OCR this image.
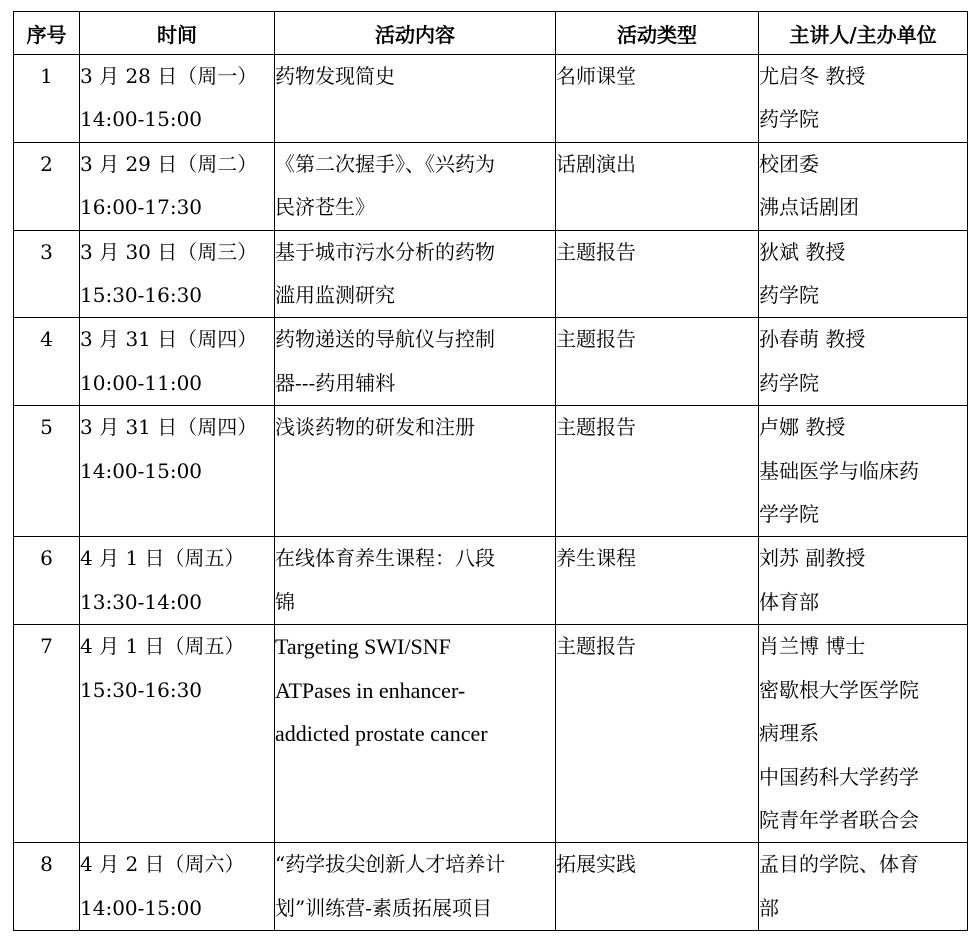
序号	时间	活动内容	活动类型	主讲人/主办单位

1	3 月 28 日（周一）
14:00-15:00	药物发现简史	名师课堂	尤启冬 教授
药学院

2	3 月 29 日（周二）
16:00-17:30	《第二次握手》、《兴药为
民济苍生》	话剧演出	校团委
沸点话剧团

3	3 月 30 日（周三）
15:30-16:30	基于城市污水分析的药物
滥用监测研究	主题报告	狄斌 教授
药学院

4	3 月 31 日（周四）
10:00-11:00	药物递送的导航仪与控制
器---药用辅料	主题报告	孙春萌 教授
药学院

5	3 月 31 日（周四）
14:00-15:00	浅谈药物的研发和注册	主题报告	卢娜 教授
基础医学与临床药
学学院

6	4 月 1 日（周五）
13:30-14:00	在线体育养生课程：八段
锦	养生课程	刘苏 副教授
体育部

7	4 月 1 日（周五）
15:30-16:30	Targeting SWI/SNF
ATPases in enhancer-
addicted prostate cancer	主题报告	肖兰博 博士
密歇根大学医学院
病理系
中国药科大学药学
院青年学者联合会

8	4 月 2 日（周六）
14:00-15:00	“药学拔尖创新人才培养计
划”训练营-素质拓展项目	拓展实践	孟目的学院、体育
部
